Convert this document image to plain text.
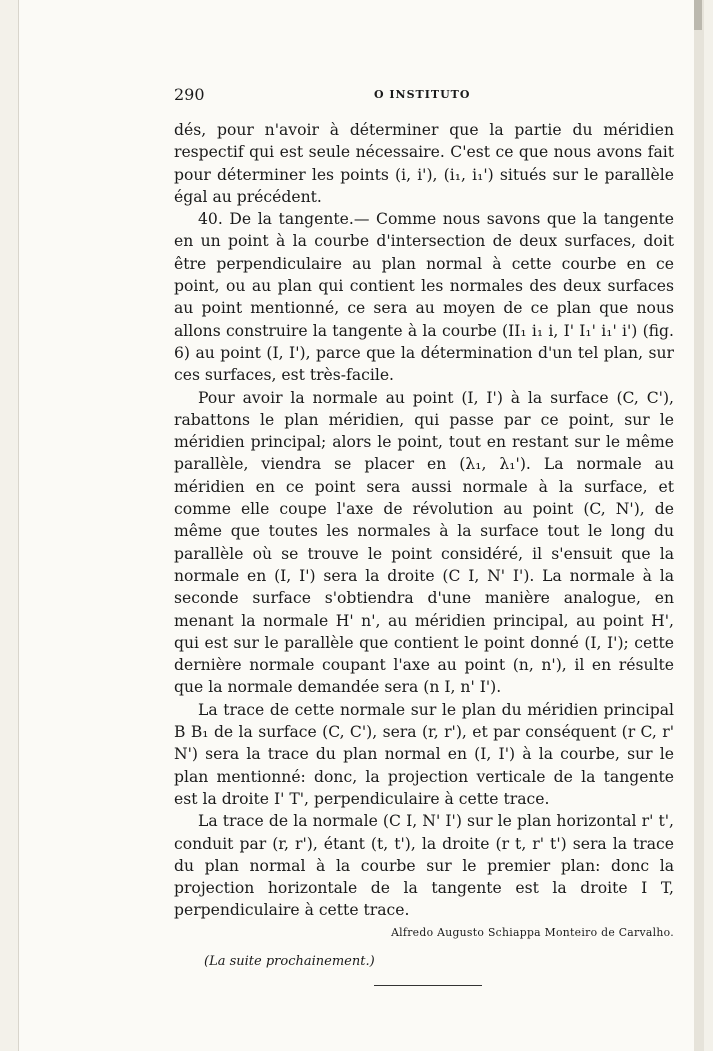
290	O INSTITUTO

dés, pour n'avoir à déterminer que la partie du méridien respectif qui est seule nécessaire. C'est ce que nous avons fait pour déterminer les points (i, i'), (i₁, i₁') situés sur le parallèle égal au précédent.

40. De la tangente.— Comme nous savons que la tangente en un point à la courbe d'intersection de deux surfaces, doit être perpendiculaire au plan normal à cette courbe en ce point, ou au plan qui contient les normales des deux surfaces au point mentionné, ce sera au moyen de ce plan que nous allons construire la tangente à la courbe (II₁ i₁ i, I' I₁' i₁' i') (fig. 6) au point (I, I'), parce que la détermination d'un tel plan, sur ces surfaces, est très-facile.

Pour avoir la normale au point (I, I') à la surface (C, C'), rabattons le plan méridien, qui passe par ce point, sur le méridien principal; alors le point, tout en restant sur le même parallèle, viendra se placer en (λ₁, λ₁'). La normale au méridien en ce point sera aussi normale à la surface, et comme elle coupe l'axe de révolution au point (C, N'), de même que toutes les normales à la surface tout le long du parallèle où se trouve le point considéré, il s'ensuit que la normale en (I, I') sera la droite (C I, N' I'). La normale à la seconde surface s'obtiendra d'une manière analogue, en menant la normale H' n', au méridien principal, au point H', qui est sur le parallèle que contient le point donné (I, I'); cette dernière normale coupant l'axe au point (n, n'), il en résulte que la normale demandée sera (n I, n' I').

La trace de cette normale sur le plan du méridien principal B B₁ de la surface (C, C'), sera (r, r'), et par conséquent (r C, r' N') sera la trace du plan normal en (I, I') à la courbe, sur le plan mentionné: donc, la projection verticale de la tangente est la droite I' T', perpendiculaire à cette trace.

La trace de la normale (C I, N' I') sur le plan horizontal r' t', conduit par (r, r'), étant (t, t'), la droite (r t, r' t') sera la trace du plan normal à la courbe sur le premier plan: donc la projection horizontale de la tangente est la droite I T, perpendiculaire à cette trace.

Alfredo Augusto Schiappa Monteiro de Carvalho.
(La suite prochainement.)
